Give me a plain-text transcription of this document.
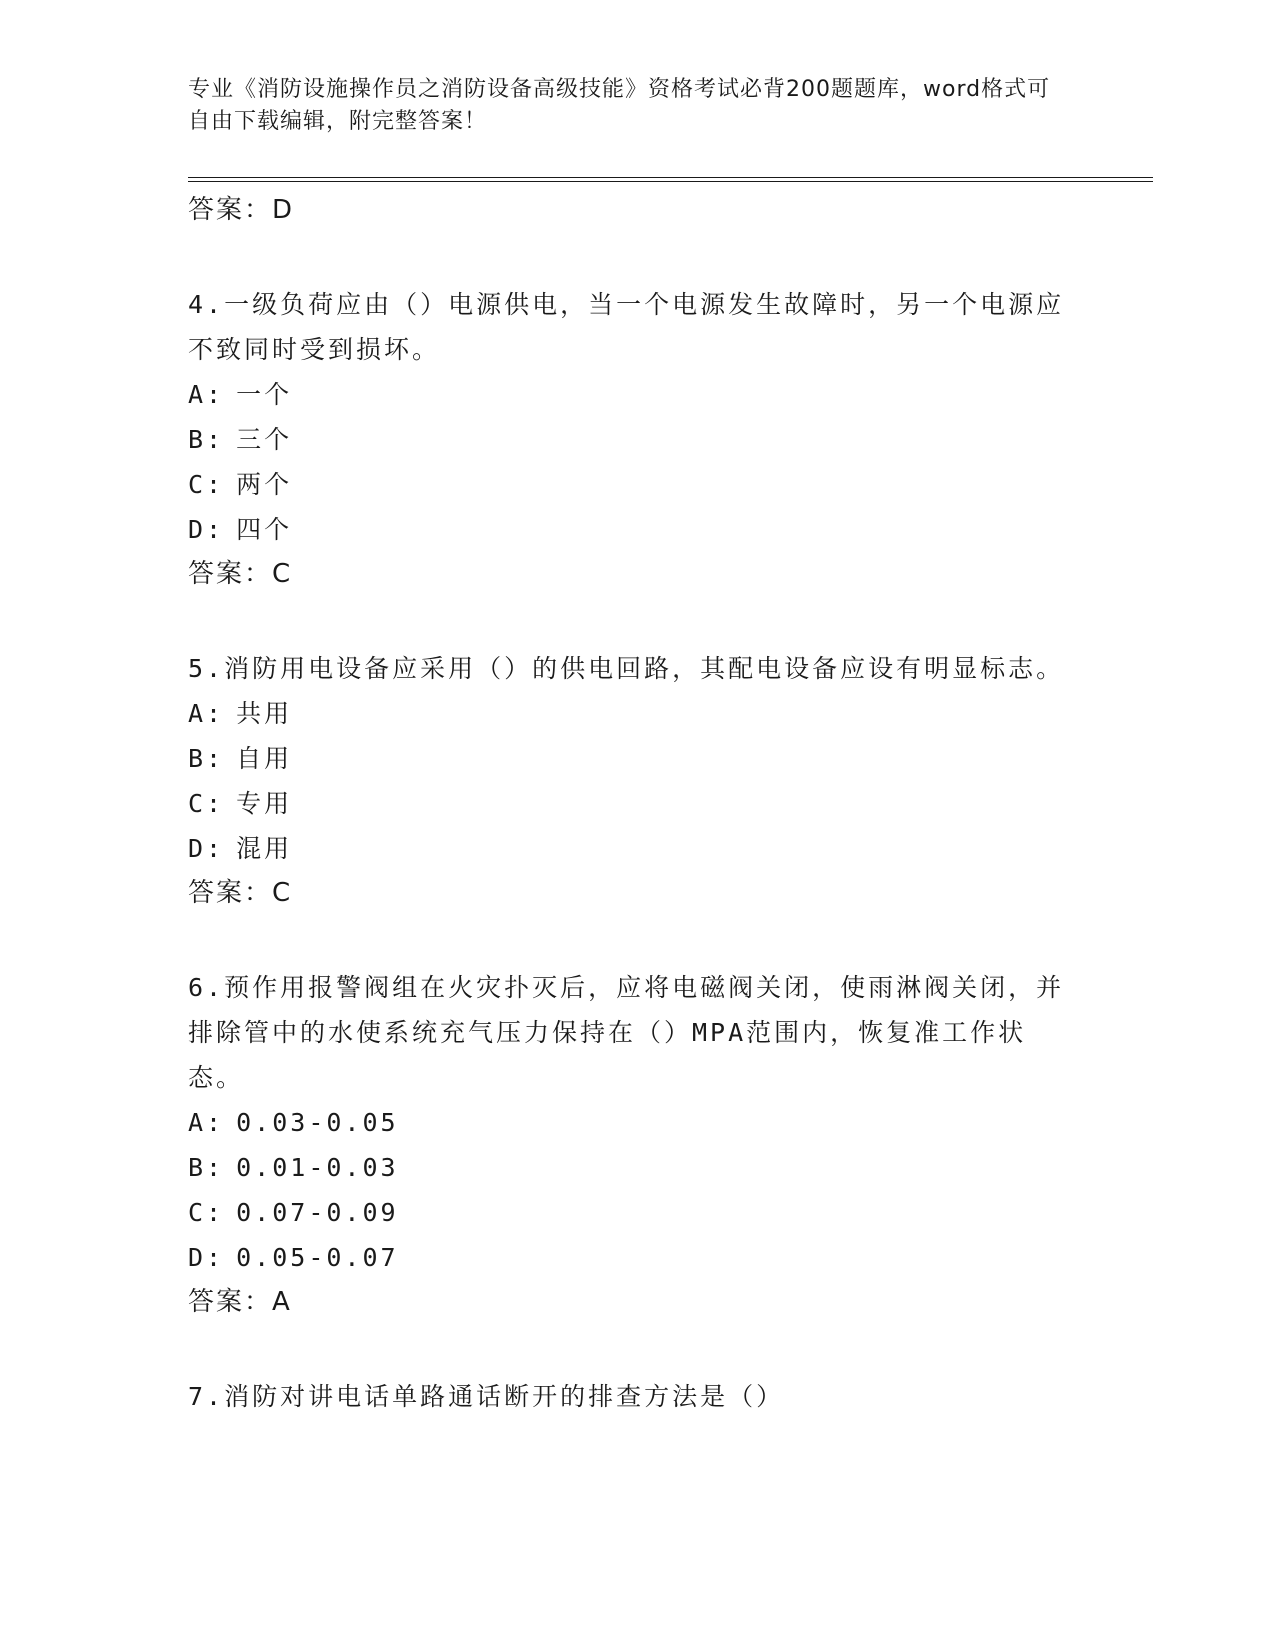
专业《消防设施操作员之消防设备高级技能》资格考试必背200题题库，word格式可自由下载编辑，附完整答案！
答案：D
4.一级负荷应由（）电源供电，当一个电源发生故障时，另一个电源应不致同时受到损坏。
A: 一个
B: 三个
C: 两个
D: 四个
答案：C
5.消防用电设备应采用（）的供电回路，其配电设备应设有明显标志。
A: 共用
B: 自用
C: 专用
D: 混用
答案：C
6.预作用报警阀组在火灾扑灭后，应将电磁阀关闭，使雨淋阀关闭，并排除管中的水使系统充气压力保持在（）MPA范围内，恢复准工作状态。
A: 0.03-0.05
B: 0.01-0.03
C: 0.07-0.09
D: 0.05-0.07
答案：A
7.消防对讲电话单路通话断开的排查方法是（）
